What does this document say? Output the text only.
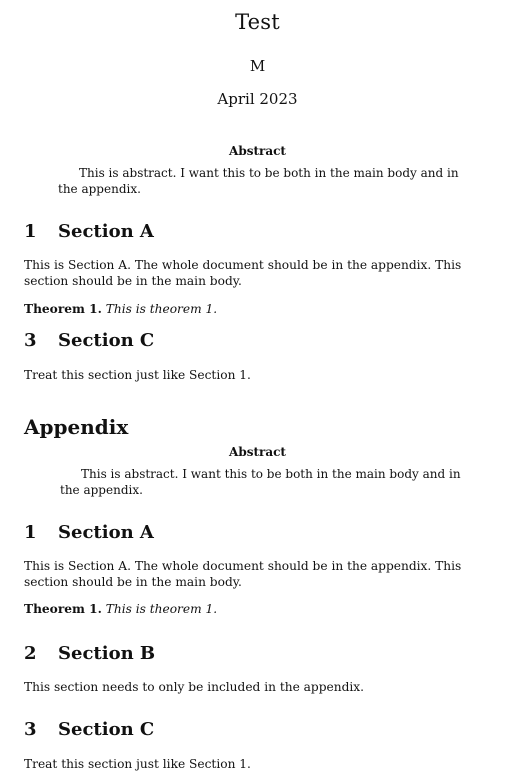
Test
M
April 2023
Abstract
This is abstract. I want this to be both in the main body and in the appendix.
1 Section A
This is Section A. The whole document should be in the appendix. This section should be in the main body.
Theorem 1. This is theorem 1.
3 Section C
Treat this section just like Section 1.
Appendix
Abstract
This is abstract. I want this to be both in the main body and in the appendix.
1 Section A
This is Section A. The whole document should be in the appendix. This section should be in the main body.
Theorem 1. This is theorem 1.
2 Section B
This section needs to only be included in the appendix.
3 Section C
Treat this section just like Section 1.
